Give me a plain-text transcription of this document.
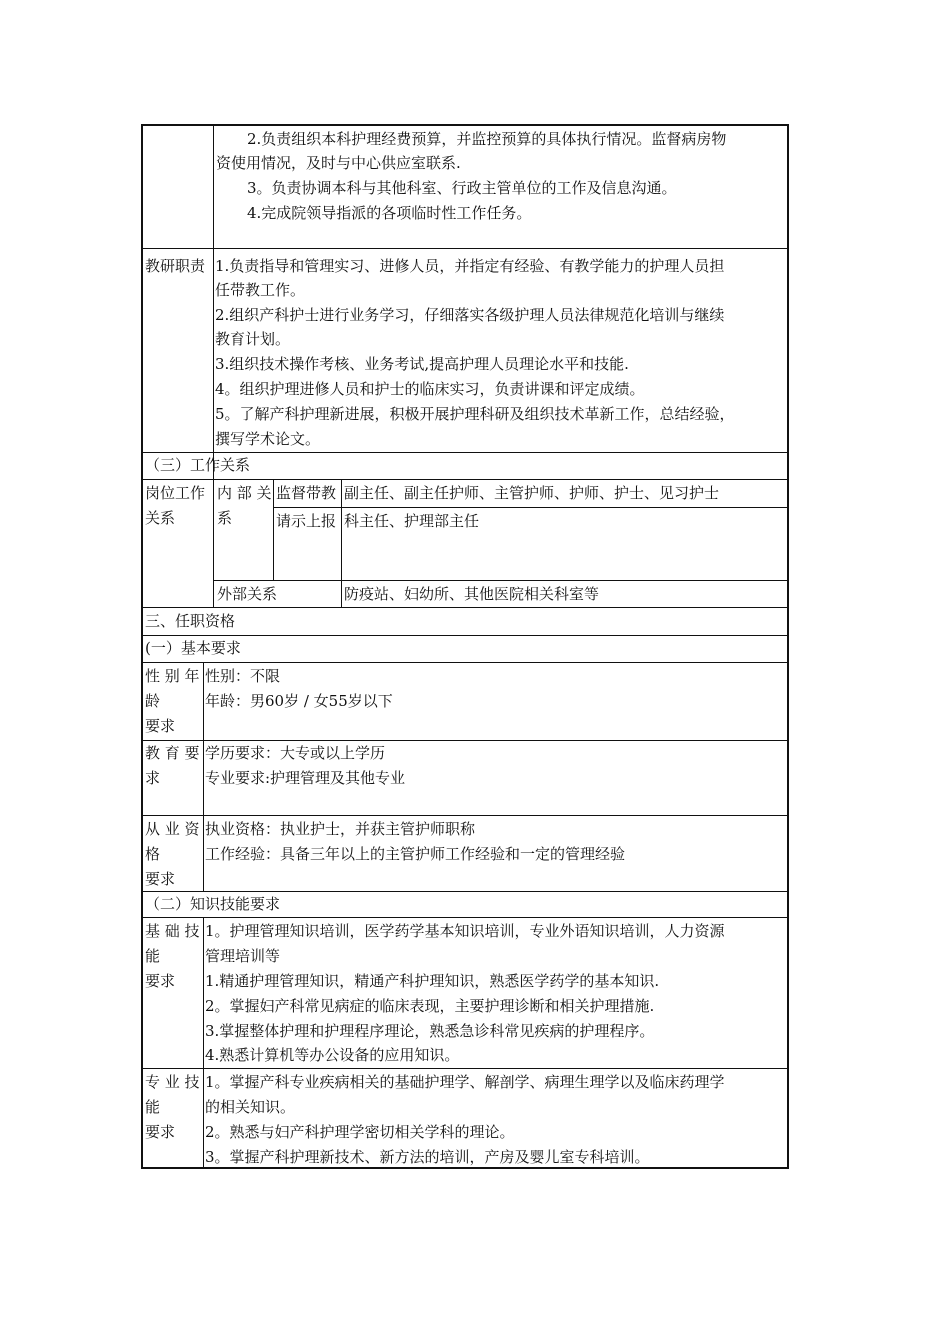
2.负责组织本科护理经费预算，并监控预算的具体执行情况。监督病房物
资使用情况，及时与中心供应室联系.
3。负责协调本科与其他科室、行政主管单位的工作及信息沟通。
4.完成院领导指派的各项临时性工作任务。
教研职责 1.负责指导和管理实习、进修人员，并指定有经验、有教学能力的护理人员担
任带教工作。
2.组织产科护士进行业务学习，仔细落实各级护理人员法律规范化培训与继续
教育计划。
3.组织技术操作考核、业务考试,提高护理人员理论水平和技能.
4。组织护理进修人员和护士的临床实习，负责讲课和评定成绩。
5。了解产科护理新进展，积极开展护理科研及组织技术革新工作，总结经验，
撰写学术论文。
（三）工作关系
岗位工作
关系
内 部 关
系
监督带教 副主任、副主任护师、主管护师、护师、护士、见习护士
请示上报 科主任、护理部主任
外部关系	防疫站、妇幼所、其他医院相关科室等
三、任职资格
(一）基本要求
性 别 年
龄
要求
性别：不限
年龄：男60岁 / 女55岁以下
教 育 要
求
学历要求：大专或以上学历
专业要求:护理管理及其他专业
从 业 资
格
要求
执业资格：执业护士，并获主管护师职称
工作经验：具备三年以上的主管护师工作经验和一定的管理经验
（二）知识技能要求
基 础 技
能
要求
1。护理管理知识培训，医学药学基本知识培训，专业外语知识培训，人力资源
管理培训等
1.精通护理管理知识，精通产科护理知识，熟悉医学药学的基本知识.
2。掌握妇产科常见病症的临床表现，主要护理诊断和相关护理措施.
3.掌握整体护理和护理程序理论，熟悉急诊科常见疾病的护理程序。
4.熟悉计算机等办公设备的应用知识。
专 业 技
能
要求
1。掌握产科专业疾病相关的基础护理学、解剖学、病理生理学以及临床药理学
的相关知识。
2。熟悉与妇产科护理学密切相关学科的理论。
3。掌握产科护理新技术、新方法的培训，产房及婴儿室专科培训。
